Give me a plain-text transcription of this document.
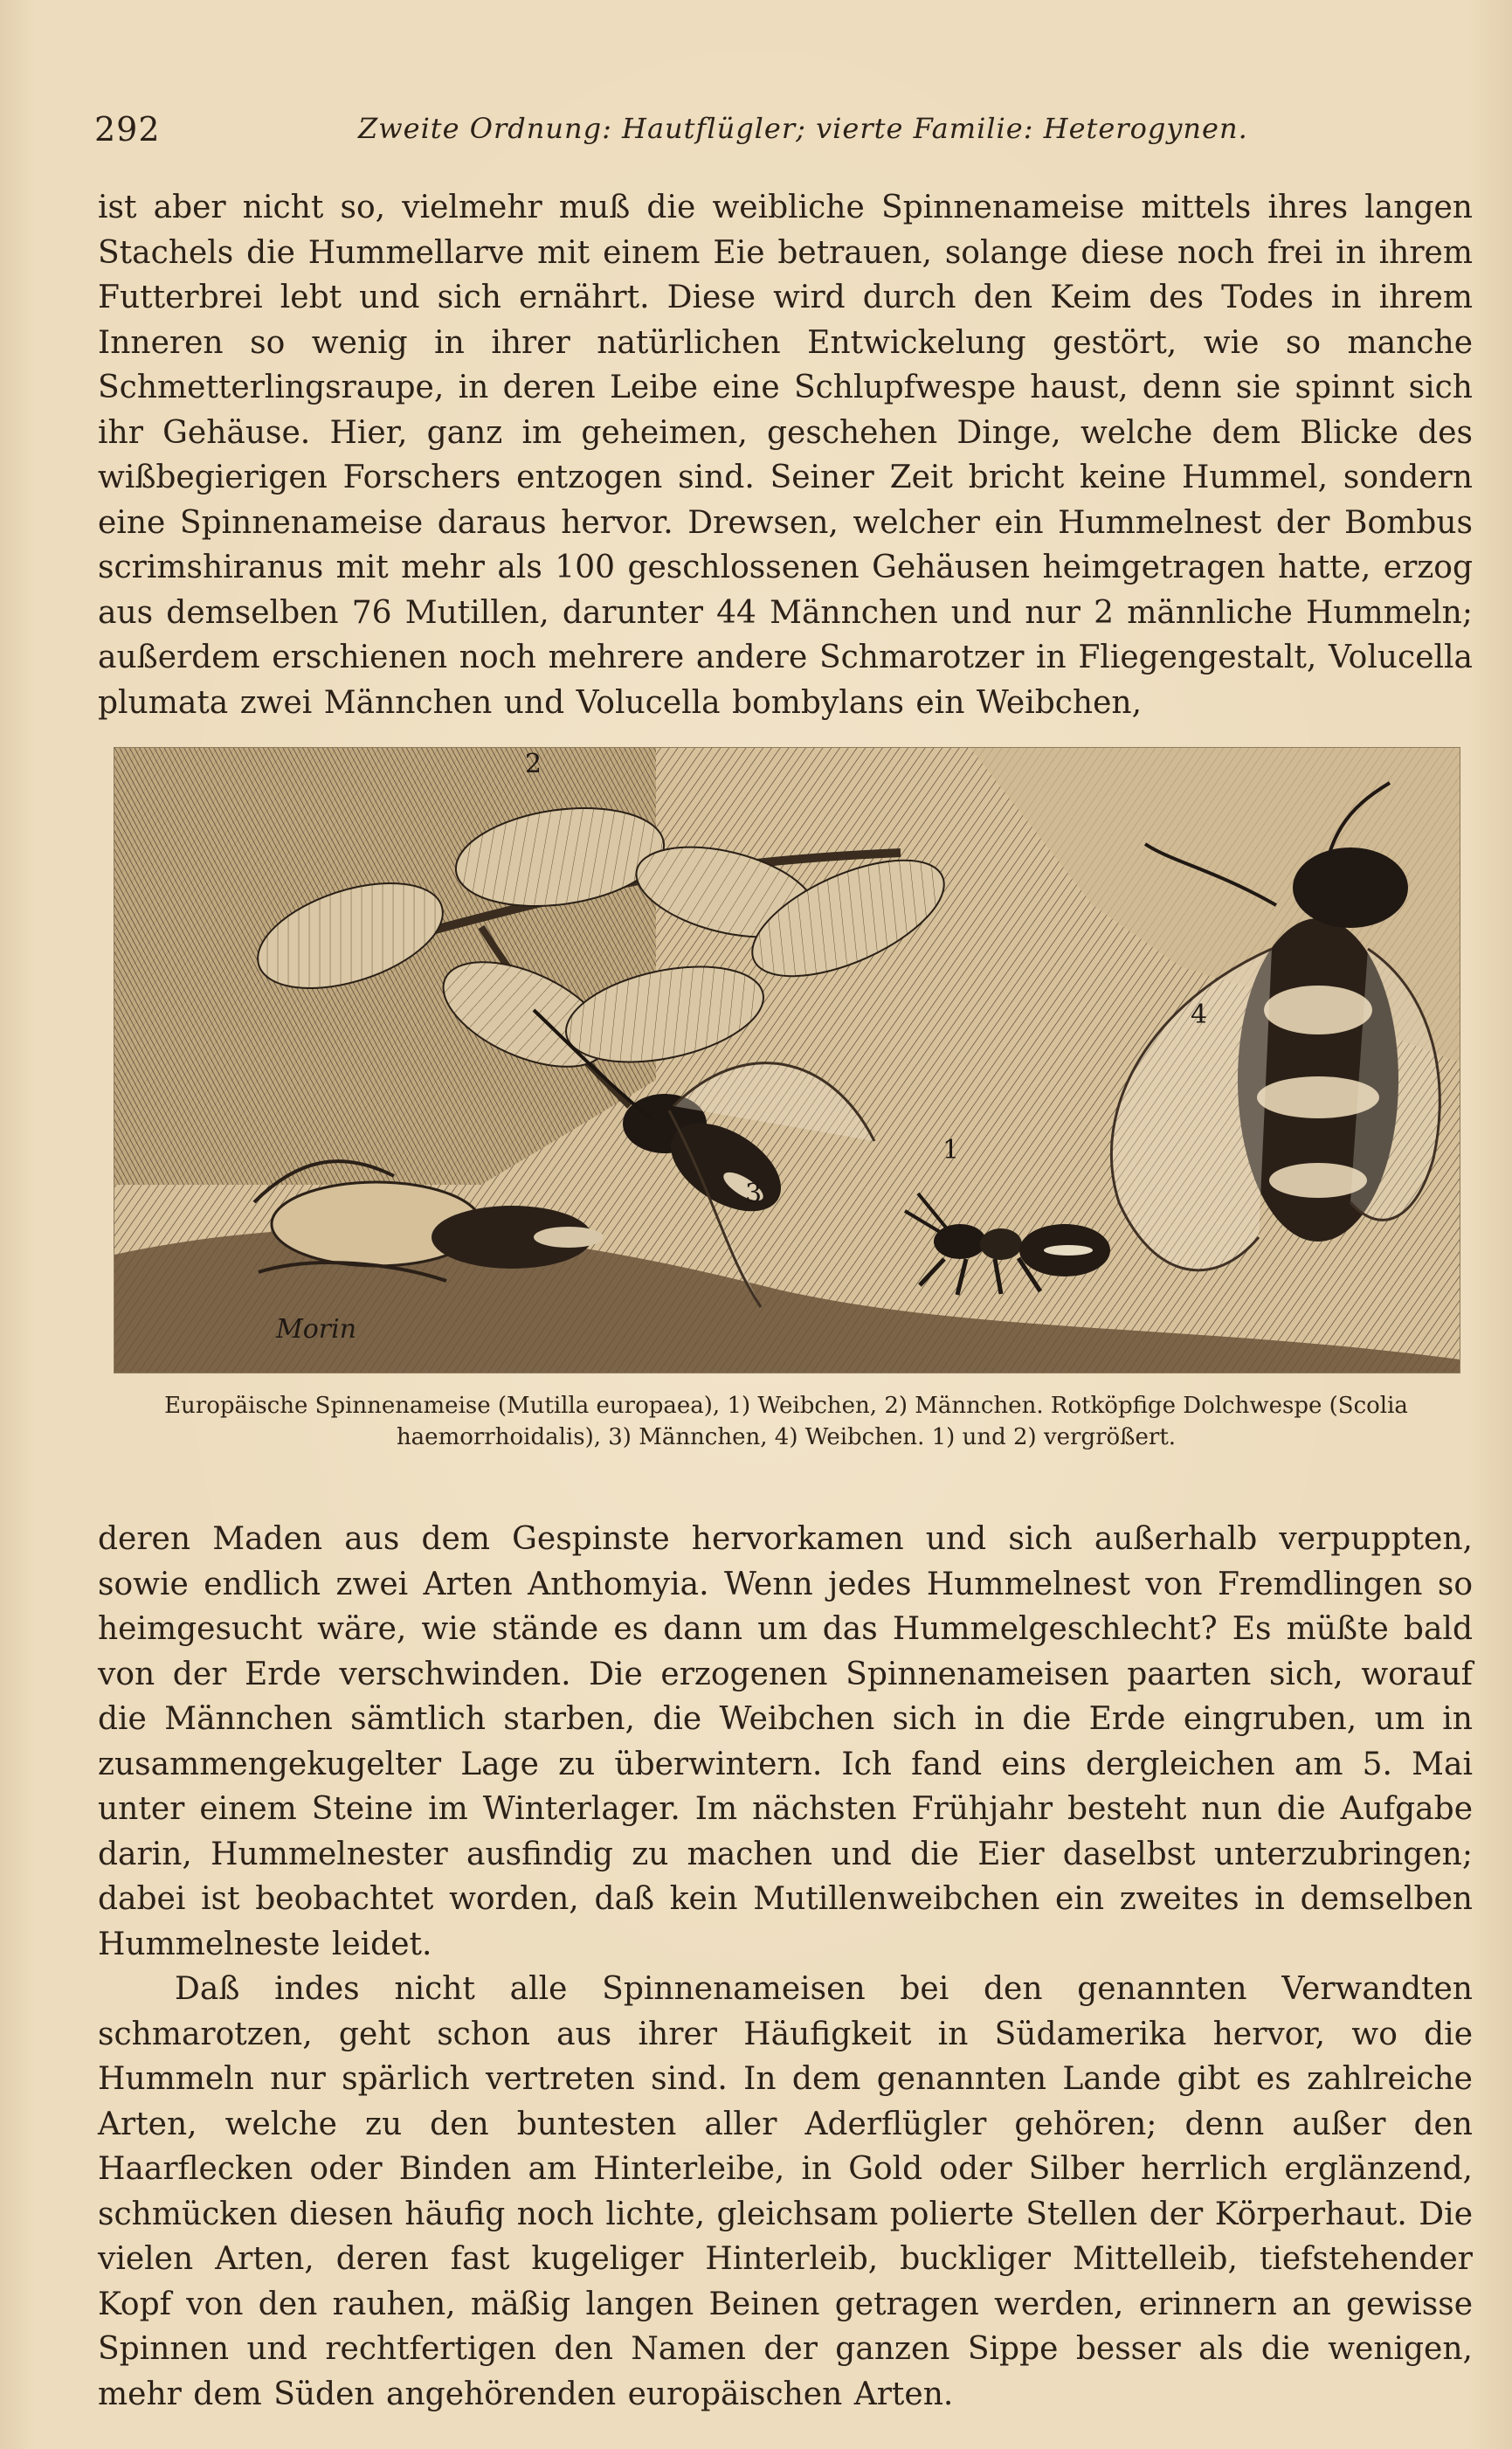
292	Zweite Ordnung: Hautflügler; vierte Familie: Heterogynen.

ist aber nicht so, vielmehr muß die weibliche Spinnenameise mittels ihres langen Stachels die Hummellarve mit einem Eie betrauen, solange diese noch frei in ihrem Futterbrei lebt und sich ernährt. Diese wird durch den Keim des Todes in ihrem Inneren so wenig in ihrer natürlichen Entwickelung gestört, wie so manche Schmetterlingsraupe, in deren Leibe eine Schlupfwespe haust, denn sie spinnt sich ihr Gehäuse. Hier, ganz im geheimen, geschehen Dinge, welche dem Blicke des wißbegierigen Forschers entzogen sind. Seiner Zeit bricht keine Hummel, sondern eine Spinnenameise daraus hervor. Drewsen, welcher ein Hummelnest der Bombus scrimshiranus mit mehr als 100 geschlossenen Gehäusen heimgetragen hatte, erzog aus demselben 76 Mutillen, darunter 44 Männchen und nur 2 männliche Hummeln; außerdem erschienen noch mehrere andere Schmarotzer in Fliegengestalt, Volucella plumata zwei Männchen und Volucella bombylans ein Weibchen,

2
1
3
4
Morin
Europäische Spinnenameise (Mutilla europaea), 1) Weibchen, 2) Männchen. Rotköpfige Dolchwespe (Scolia haemorrhoidalis), 3) Männchen, 4) Weibchen. 1) und 2) vergrößert.

deren Maden aus dem Gespinste hervorkamen und sich außerhalb verpuppten, sowie endlich zwei Arten Anthomyia. Wenn jedes Hummelnest von Fremdlingen so heimgesucht wäre, wie stände es dann um das Hummelgeschlecht? Es müßte bald von der Erde verschwinden. Die erzogenen Spinnenameisen paarten sich, worauf die Männchen sämtlich starben, die Weibchen sich in die Erde eingruben, um in zusammengekugelter Lage zu überwintern. Ich fand eins dergleichen am 5. Mai unter einem Steine im Winterlager. Im nächsten Frühjahr besteht nun die Aufgabe darin, Hummelnester ausfindig zu machen und die Eier daselbst unterzubringen; dabei ist beobachtet worden, daß kein Mutillenweibchen ein zweites in demselben Hummelneste leidet.

Daß indes nicht alle Spinnenameisen bei den genannten Verwandten schmarotzen, geht schon aus ihrer Häufigkeit in Südamerika hervor, wo die Hummeln nur spärlich vertreten sind. In dem genannten Lande gibt es zahlreiche Arten, welche zu den buntesten aller Aderflügler gehören; denn außer den Haarflecken oder Binden am Hinterleibe, in Gold oder Silber herrlich erglänzend, schmücken diesen häufig noch lichte, gleichsam polierte Stellen der Körperhaut. Die vielen Arten, deren fast kugeliger Hinterleib, buckliger Mittelleib, tiefstehender Kopf von den rauhen, mäßig langen Beinen getragen werden, erinnern an gewisse Spinnen und rechtfertigen den Namen der ganzen Sippe besser als die wenigen, mehr dem Süden angehörenden europäischen Arten.
